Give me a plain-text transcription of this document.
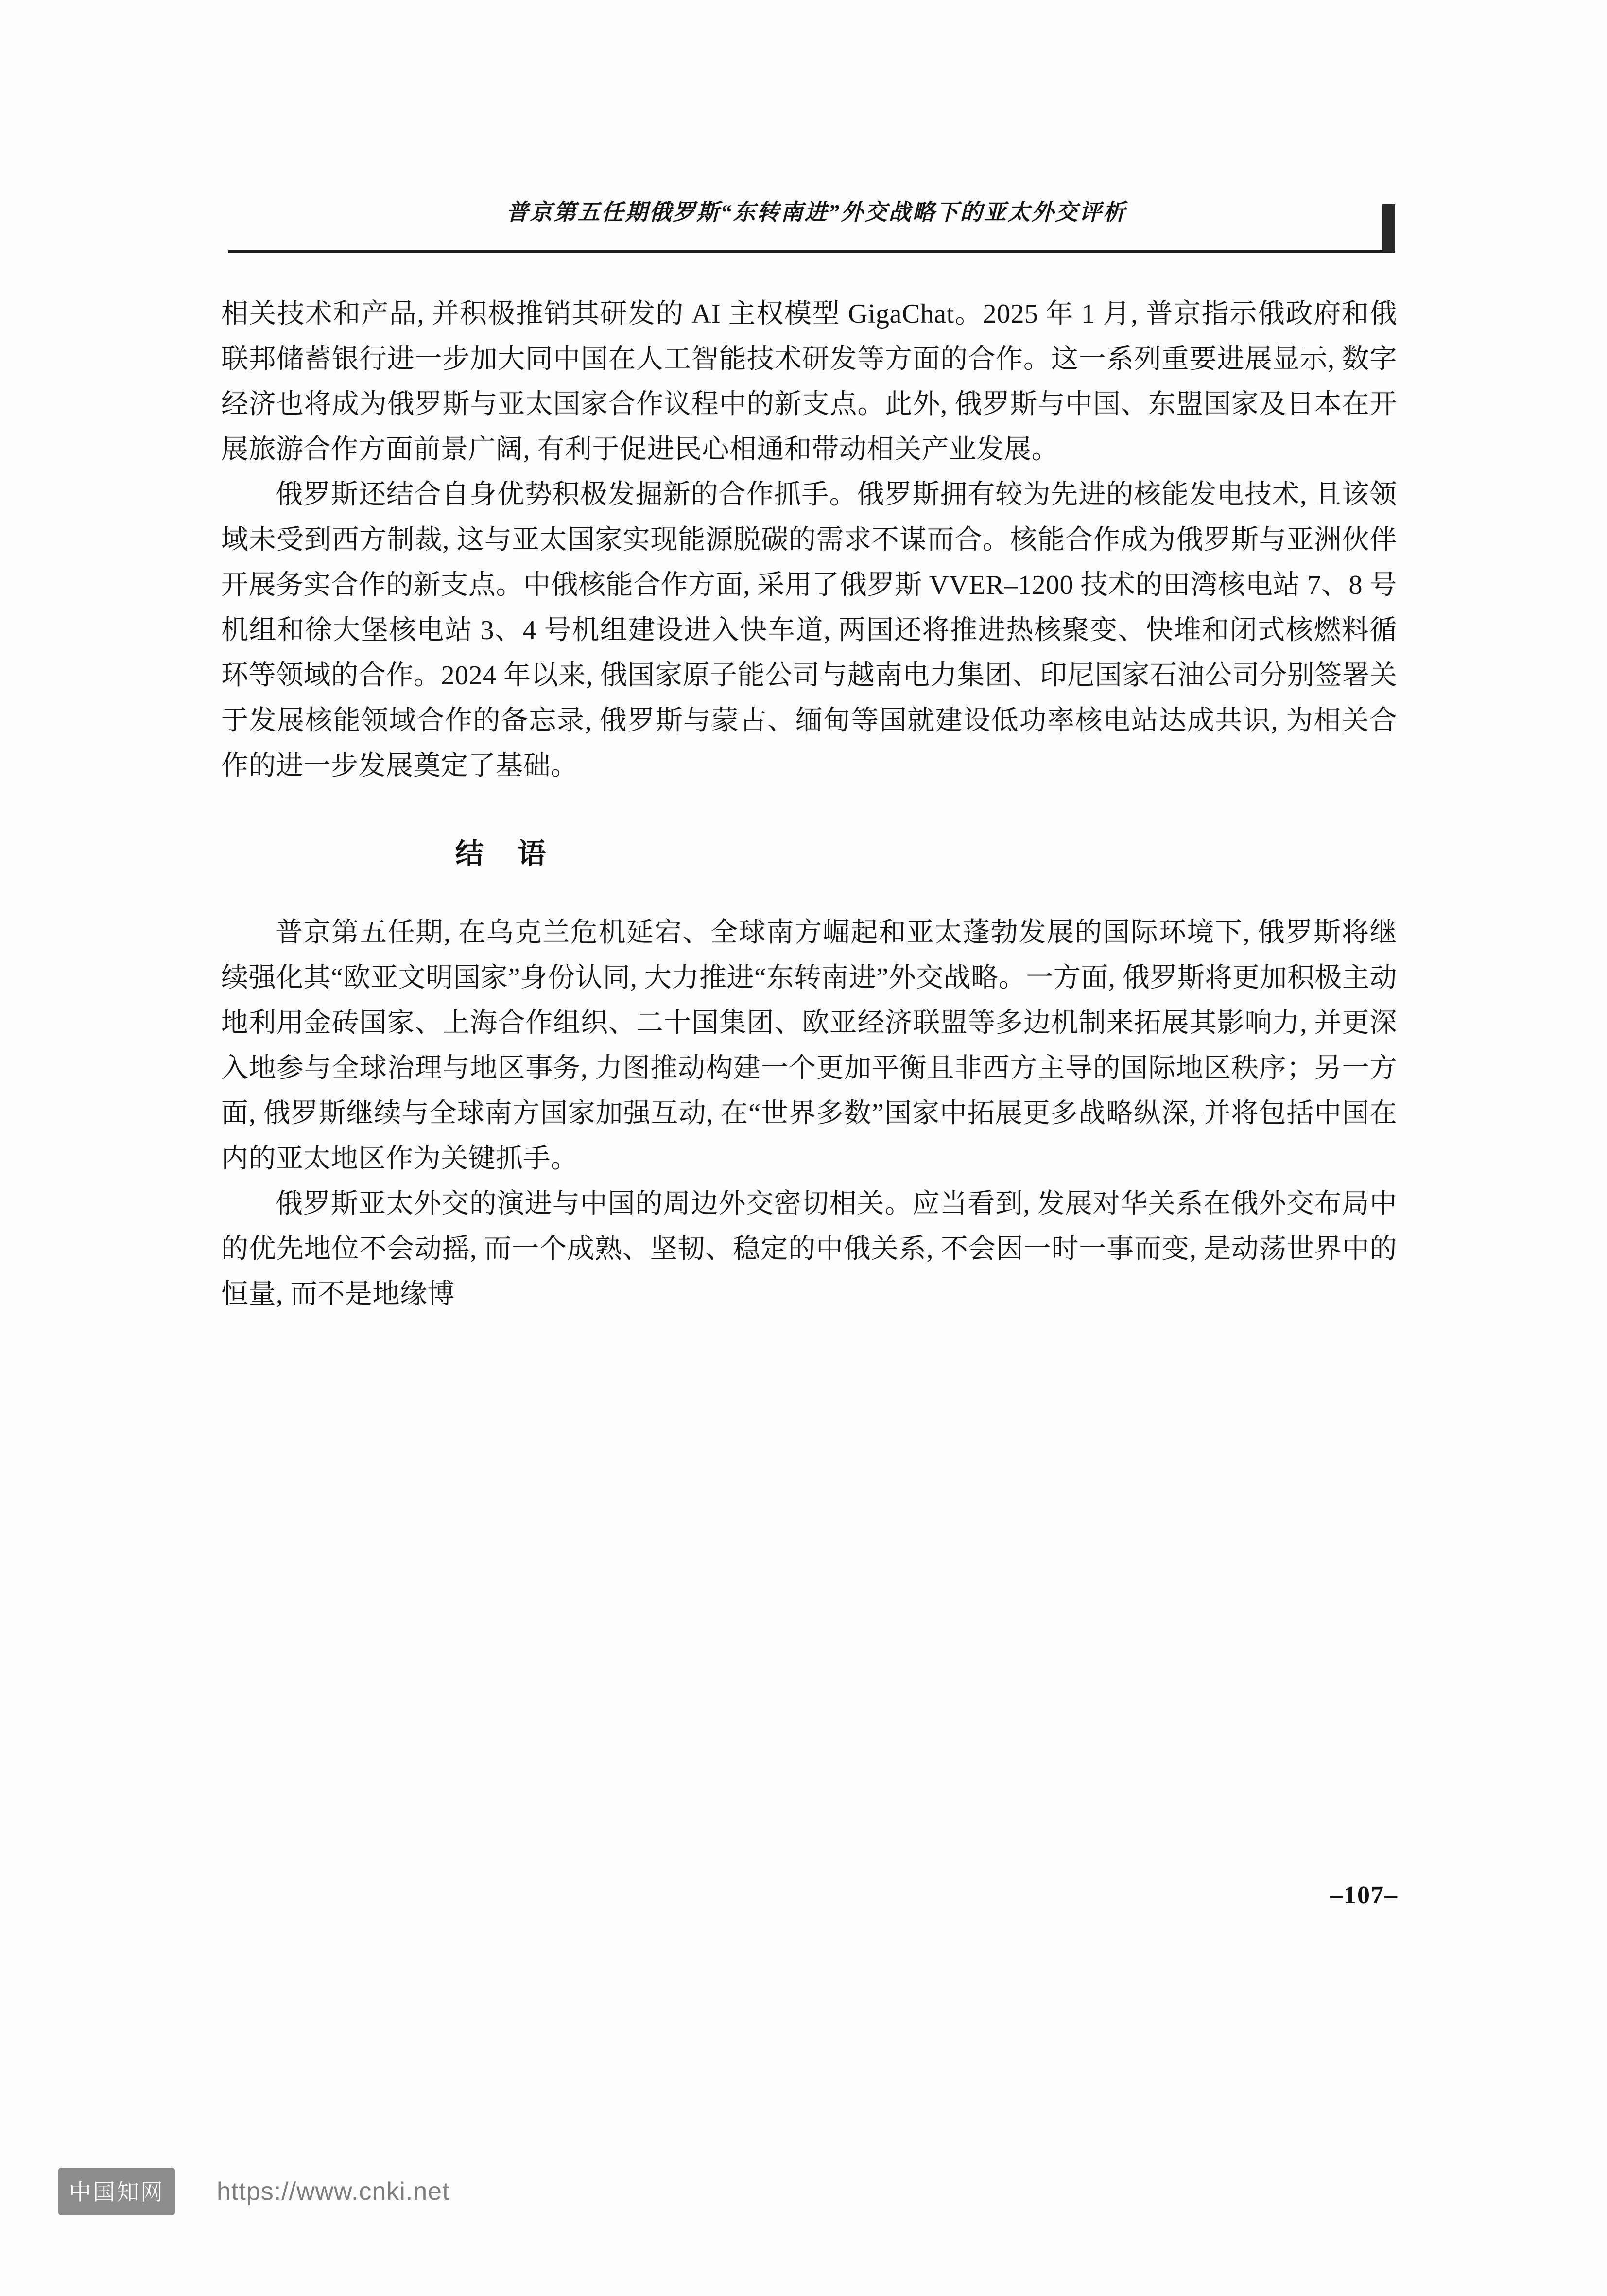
普京第五任期俄罗斯“东转南进”外交战略下的亚太外交评析

相关技术和产品, 并积极推销其研发的 AI 主权模型 GigaChat。2025 年 1 月, 普京指示俄政府和俄联邦储蓄银行进一步加大同中国在人工智能技术研发等方面的合作。这一系列重要进展显示, 数字经济也将成为俄罗斯与亚太国家合作议程中的新支点。此外, 俄罗斯与中国、东盟国家及日本在开展旅游合作方面前景广阔, 有利于促进民心相通和带动相关产业发展。

俄罗斯还结合自身优势积极发掘新的合作抓手。俄罗斯拥有较为先进的核能发电技术, 且该领域未受到西方制裁, 这与亚太国家实现能源脱碳的需求不谋而合。核能合作成为俄罗斯与亚洲伙伴开展务实合作的新支点。中俄核能合作方面, 采用了俄罗斯 VVER–1200 技术的田湾核电站 7、8 号机组和徐大堡核电站 3、4 号机组建设进入快车道, 两国还将推进热核聚变、快堆和闭式核燃料循环等领域的合作。2024 年以来, 俄国家原子能公司与越南电力集团、印尼国家石油公司分别签署关于发展核能领域合作的备忘录, 俄罗斯与蒙古、缅甸等国就建设低功率核电站达成共识, 为相关合作的进一步发展奠定了基础。

结 语

普京第五任期, 在乌克兰危机延宕、全球南方崛起和亚太蓬勃发展的国际环境下, 俄罗斯将继续强化其“欧亚文明国家”身份认同, 大力推进“东转南进”外交战略。一方面, 俄罗斯将更加积极主动地利用金砖国家、上海合作组织、二十国集团、欧亚经济联盟等多边机制来拓展其影响力, 并更深入地参与全球治理与地区事务, 力图推动构建一个更加平衡且非西方主导的国际地区秩序；另一方面, 俄罗斯继续与全球南方国家加强互动, 在“世界多数”国家中拓展更多战略纵深, 并将包括中国在内的亚太地区作为关键抓手。

俄罗斯亚太外交的演进与中国的周边外交密切相关。应当看到, 发展对华关系在俄外交布局中的优先地位不会动摇, 而一个成熟、坚韧、稳定的中俄关系, 不会因一时一事而变, 是动荡世界中的恒量, 而不是地缘博

–107–
中国知网	https://www.cnki.net
